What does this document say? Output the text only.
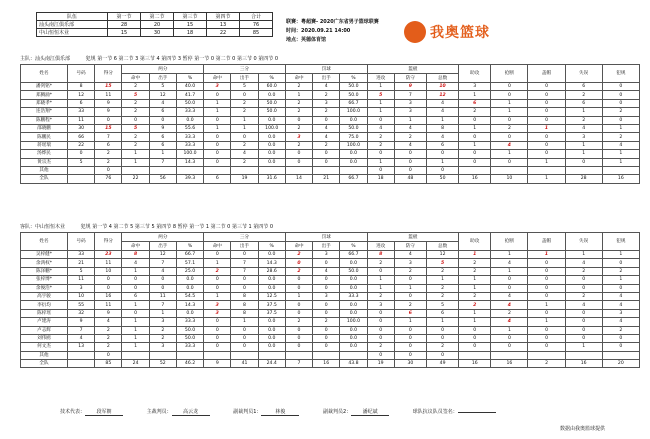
队伍	第一节	第二节	第三节	第四节	合计
汕头南江俱乐部	28	20	15	13	76
中山恒恒木业	15	30	18	22	85
联赛：粤超赛- 2020广东省男子篮球联赛
时间：2020.09.21 14:00
地点：英德体育馆	我奥篮球
主队：汕头南江俱乐部	犯规 第一节 6 第二节 3 第三节 4 第四节 3 暂停 第一节 0 第二节 0 第三节 0 第四节 0
姓名	号码	得分	两分			三分			罚球			篮板			助攻	抢断	盖帽	失误	犯规
			命中	出手	%	命中	出手	%	命中	出手	%	进攻	防守	总数					
潘剑铭*	8	15	2	5	40.0	3	5	60.0	2	4	50.0	1	9	10	3	0	0	6	0
郑腾涌*	12	11	5	12	41.7	0	0	0.0	1	2	50.0	5	7	12	1	0	0	2	0
郑晓孝*	6	9	2	4	50.0	1	2	50.0	2	3	66.7	1	3	4	6	1	0	6	0
连浩翔*	33	9	2	6	33.3	1	2	50.0	2	2	100.0	1	3	4	2	1	0	1	2
陈鹏程*	11	0	0	0	0.0	0	1	0.0	0	0	0.0	0	1	1	0	0	0	2	0
邵晓鹏	30	15	5	9	55.6	1	1	100.0	2	4	50.0	4	4	8	1	2	1	4	1
陈鹏民	66	7	2	6	33.3	0	0	0.0	3	4	75.0	2	2	4	0	0	0	3	2
蒋瑶瑞	22	6	2	6	33.3	0	2	0.0	2	2	100.0	2	4	6	1	4	0	1	4
汤烨民	0	2	1	1	100.0	0	4	0.0	0	0	0.0	0	0	0	0	1	0	1	1
黄宗杰	5	2	1	7	14.3	0	2	0.0	0	0	0.0	1	0	1	0	0	1	0	1
其他		0										0	0	0					
全队		76	22	56	39.3	6	19	31.6	14	21	66.7	18	48	50	16	10	1	28	16
客队：中山恒恒木业	犯规 第一节 4 第二节 5 第三节 5 第四节 8 暂停 第一节 1 第二节 0 第三节 1 第四节 0
姓名	号码	得分	两分			三分			罚球			篮板			助攻	抢断	盖帽	失误	犯规
			命中	出手	%	命中	出手	%	命中	出手	%	进攻	防守	总数					
吴梓健*	33	23	8	12	66.7	0	0	0.0	2	3	66.7	8	4	12	1	1	1	1	1
余鸿权*	21	11	4	7	57.1	1	7	14.3	0	0	0.0	2	3	5	2	4	0	4	0
陈泽鹏*	5	10	1	4	25.0	2	7	28.6	2	4	50.0	0	2	2	2	1	0	2	2
张梓博*	11	0	0	0	0.0	0	0	0.0	0	0	0.0	1	0	1	1	0	0	0	1
余俊浩*	3	0	0	0	0.0	0	0	0.0	0	0	0.0	1	1	2	1	0	0	0	0
高宇骏	10	16	6	11	54.5	1	8	12.5	1	3	33.3	2	0	2	2	4	0	2	4
李衍均	55	11	1	7	14.3	3	8	37.5	0	0	0.0	3	2	5	2	4	1	4	4
陈梓瑶	32	9	0	1	0.0	3	8	37.5	0	0	0.0	0	6	6	1	2	0	0	3
卢建涛	9	4	1	3	33.3	0	1	0.0	2	2	100.0	0	1	1	1	4	1	0	4
卢志辉	7	2	1	2	50.0	0	0	0.0	0	0	0.0	0	0	0	0	1	0	0	2
刘伟鸥	4	2	1	2	50.0	0	0	0.0	0	0	0.0	0	0	0	0	0	0	0	0
何文杰	13	2	1	3	33.3	0	0	0.0	0	0	0.0	2	0	2	0	0	0	1	0
其他		0										0	0	0					
全队		85	24	52	46.2	9	41	24.4	7	16	43.8	19	30	49	16	16	2	16	20
技术代表： 段军朝	主裁判员： 高云龙	副裁判员1：	林俊	副裁判员2： 潘纪斌	球队抗议队员签名：
数据由我奥篮球提供
